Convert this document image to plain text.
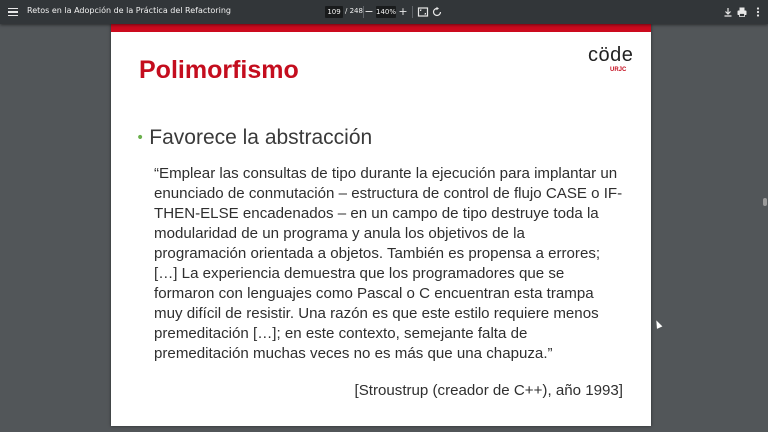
Retos en la Adopción de la Práctica del Refactoring	109 / 248 − 140% +
Polimorfismo
cöde
URJC
• Favorece la abstracción
“Emplear las consultas de tipo durante la ejecución para implantar un
enunciado de conmutación – estructura de control de flujo CASE o IF-
THEN-ELSE encadenados – en un campo de tipo destruye toda la
modularidad de un programa y anula los objetivos de la
programación orientada a objetos. También es propensa a errores;
[…] La experiencia demuestra que los programadores que se
formaron con lenguajes como Pascal o C encuentran esta trampa
muy difícil de resistir. Una razón es que este estilo requiere menos
premeditación […]; en este contexto, semejante falta de
premeditación muchas veces no es más que una chapuza.”
[Stroustrup (creador de C++), año 1993]
